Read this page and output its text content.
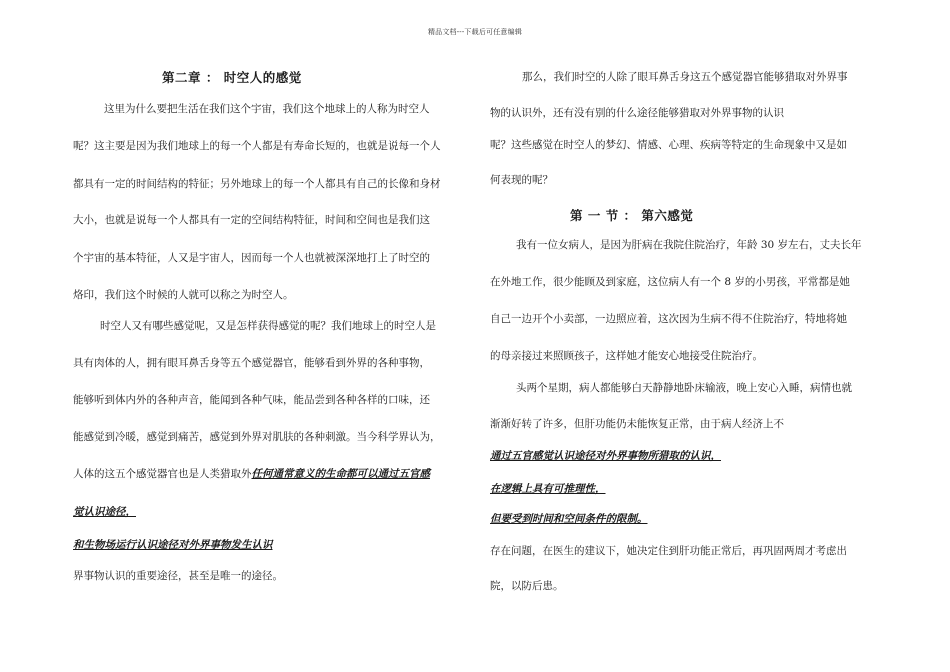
精品文档---下载后可任意编辑
第二章 ： 时空人的感觉
这里为什么要把生活在我们这个宇宙，我们这个地球上的人称为时空人
呢？这主要是因为我们地球上的每一个人都是有寿命长短的，也就是说每一个人
都具有一定的时间结构的特征；另外地球上的每一个人都具有自己的长像和身材
大小，也就是说每一个人都具有一定的空间结构特征，时间和空间也是我们这
个宇宙的基本特征，人又是宇宙人，因而每一个人也就被深深地打上了时空的
烙印，我们这个时候的人就可以称之为时空人。
时空人又有哪些感觉呢，又是怎样获得感觉的呢？我们地球上的时空人是
具有肉体的人，拥有眼耳鼻舌身等五个感觉器官，能够看到外界的各种事物，
能够听到体内外的各种声音，能闻到各种气味，能品尝到各种各样的口味，还
能感觉到冷暖，感觉到痛苦，感觉到外界对肌肤的各种刺激。当今科学界认为，
人体的这五个感觉器官也是人类猎取外任何通常意义的生命都可以通过五官感
觉认识途径，
和生物场运行认识途径对外界事物发生认识
界事物认识的重要途径，甚至是唯一的途径。
那么，我们时空的人除了眼耳鼻舌身这五个感觉器官能够猎取对外界事
物的认识外，还有没有别的什么途径能够猎取对外界事物的认识
呢？这些感觉在时空人的梦幻、情感、心理、疾病等特定的生命现象中又是如
何表现的呢？
第 一 节 ： 第六感觉
我有一位女病人，是因为肝病在我院住院治疗，年龄 30 岁左右，丈夫长年
在外地工作，很少能顾及到家庭，这位病人有一个 8 岁的小男孩，平常都是她
自己一边开个小卖部，一边照应着，这次因为生病不得不住院治疗，特地将她
的母亲接过来照顾孩子，这样她才能安心地接受住院治疗。
头两个星期，病人都能够白天静静地卧床输液，晚上安心入睡，病情也就
渐渐好转了许多，但肝功能仍未能恢复正常，由于病人经济上不
通过五官感觉认识途径对外界事物所猎取的认识，
在逻辑上具有可推理性，
但要受到时间和空间条件的限制。
存在问题，在医生的建议下，她决定住到肝功能正常后，再巩固两周才考虑出
院，以防后患。
